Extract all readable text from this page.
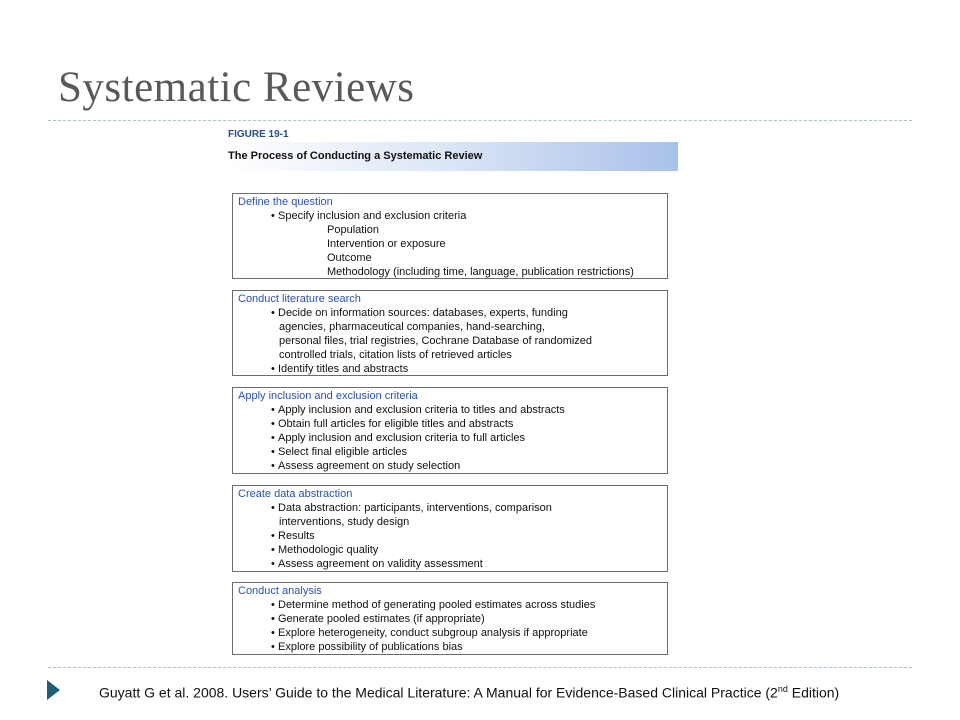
Systematic Reviews
FIGURE 19-1
The Process of Conducting a Systematic Review
Define the question
• Specify inclusion and exclusion criteria
Population
Intervention or exposure
Outcome
Methodology (including time, language, publication restrictions)
Conduct literature search
• Decide on information sources: databases, experts, funding
agencies, pharmaceutical companies, hand-searching,
personal files, trial registries, Cochrane Database of randomized
controlled trials, citation lists of retrieved articles
• Identify titles and abstracts
Apply inclusion and exclusion criteria
• Apply inclusion and exclusion criteria to titles and abstracts
• Obtain full articles for eligible titles and abstracts
• Apply inclusion and exclusion criteria to full articles
• Select final eligible articles
• Assess agreement on study selection
Create data abstraction
• Data abstraction: participants, interventions, comparison
interventions, study design
• Results
• Methodologic quality
• Assess agreement on validity assessment
Conduct analysis
• Determine method of generating pooled estimates across studies
• Generate pooled estimates (if appropriate)
• Explore heterogeneity, conduct subgroup analysis if appropriate
• Explore possibility of publications bias
Guyatt G et al. 2008. Users’ Guide to the Medical Literature: A Manual for Evidence-Based Clinical Practice (2nd Edition)
